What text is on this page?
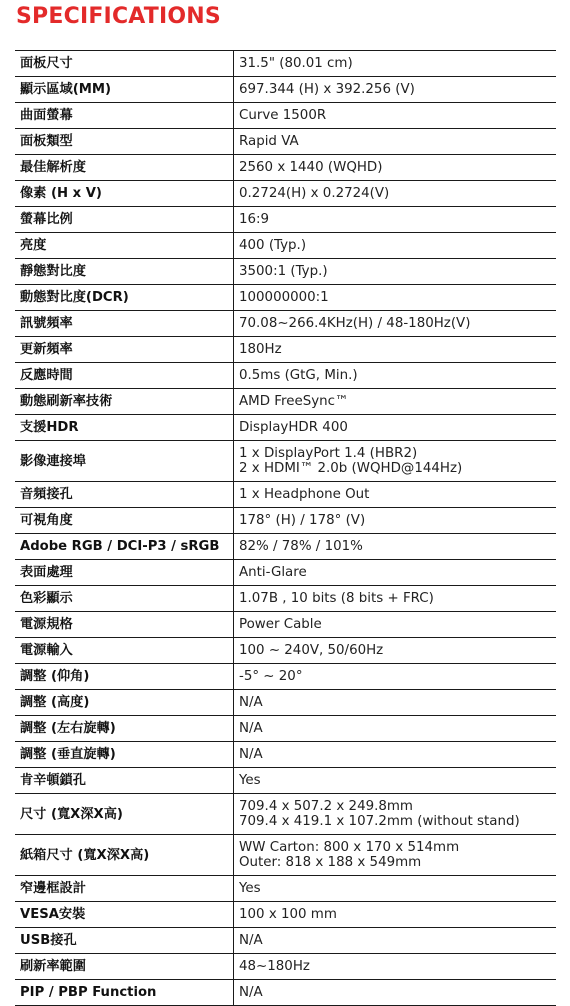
SPECIFICATIONS
面板尺寸	31.5" (80.01 cm)

顯示區域(MM)	697.344 (H) x 392.256 (V)

曲面螢幕	Curve 1500R

面板類型	Rapid VA

最佳解析度	2560 x 1440 (WQHD)

像素 (H x V)	0.2724(H) x 0.2724(V)

螢幕比例	16:9

亮度	400 (Typ.)

靜態對比度	3500:1 (Typ.)

動態對比度(DCR)	100000000:1

訊號頻率	70.08~266.4KHz(H) / 48-180Hz(V)

更新頻率	180Hz

反應時間	0.5ms (GtG, Min.)

動態刷新率技術	AMD FreeSync™

支援HDR	DisplayHDR 400

影像連接埠	1 x DisplayPort 1.4 (HBR2)
2 x HDMI™ 2.0b (WQHD@144Hz)

音頻接孔	1 x Headphone Out

可視角度	178° (H) / 178° (V)

Adobe RGB / DCI-P3 / sRGB	82% / 78% / 101%

表面處理	Anti-Glare

色彩顯示	1.07B , 10 bits (8 bits + FRC)

電源規格	Power Cable

電源輸入	100 ~ 240V, 50/60Hz

調整 (仰角)	-5° ~ 20°

調整 (高度)	N/A

調整 (左右旋轉)	N/A

調整 (垂直旋轉)	N/A

肯辛頓鎖孔	Yes

尺寸 (寬X深X高)	709.4 x 507.2 x 249.8mm
709.4 x 419.1 x 107.2mm (without stand)

紙箱尺寸 (寬X深X高)	WW Carton: 800 x 170 x 514mm
Outer: 818 x 188 x 549mm

窄邊框設計	Yes

VESA安裝	100 x 100 mm

USB接孔	N/A

刷新率範圍	48~180Hz

PIP / PBP Function	N/A
